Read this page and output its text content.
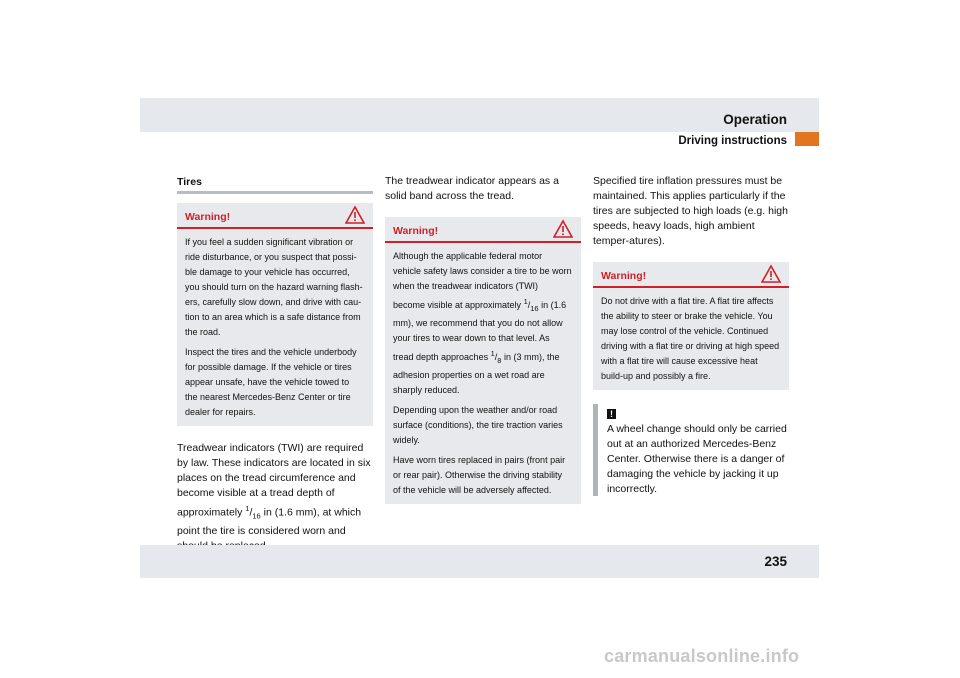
Operation
Driving instructions
Tires
Warning!

If you feel a sudden significant vibration or ride disturbance, or you suspect that possi-ble damage to your vehicle has occurred, you should turn on the hazard warning flash-ers, carefully slow down, and drive with cau-tion to an area which is a safe distance from the road.

Inspect the tires and the vehicle underbody for possible damage. If the vehicle or tires appear unsafe, have the vehicle towed to the nearest Mercedes-Benz Center or tire dealer for repairs.

Treadwear indicators (TWI) are required by law. These indicators are located in six places on the tread circumference and become visible at a tread depth of approximately $^1/_{16}$ in (1.6 mm), at which point the tire is considered worn and

The treadwear indicator appears as a solid band across the tread.

Warning!

Although the applicable federal motor vehicle safety laws consider a tire to be worn when the treadwear indicators (TWI) become visible at approximately $^1/_{16}$ in (1.6 mm), we recommend that you do not allow your tires to wear down to that level. As tread depth approaches $^1/_8$ in (3 mm), the adhesion properties on a wet road are sharply reduced.

Depending upon the weather and/or road surface (conditions), the tire traction varies widely.

Have worn tires replaced in pairs (front pair or rear pair). Otherwise the driving stability of the vehicle will be adversely affected.

Specified tire inflation pressures must be maintained. This applies particularly if the tires are subjected to high loads (e.g. high speeds, heavy loads, high ambient temper-atures).

Warning!

Do not drive with a flat tire. A flat tire affects the ability to steer or brake the vehicle. You may lose control of the vehicle. Continued driving with a flat tire or driving at high speed with a flat tire will cause excessive heat build-up and possibly a fire.

!

A wheel change should only be carried out at an authorized Mercedes-Benz Center. Otherwise there is a danger of damaging the vehicle by jacking it up incorrectly.

235
carmanualsonline.info
